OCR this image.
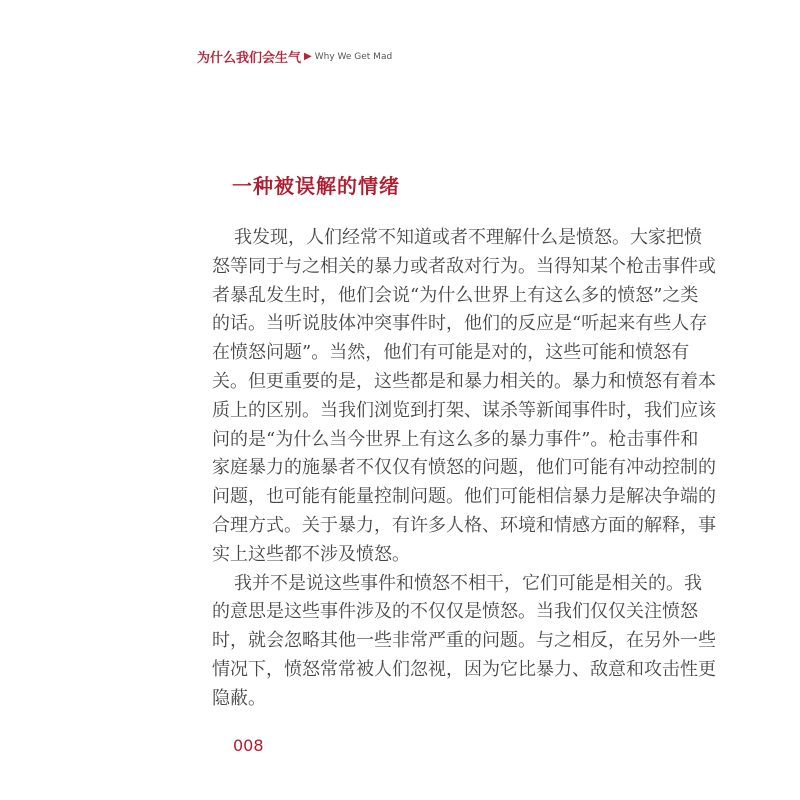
为什么我们会生气 ▶ Why We Get Mad
一种被误解的情绪
我发现，人们经常不知道或者不理解什么是愤怒。大家把愤
怒等同于与之相关的暴力或者敌对行为。当得知某个枪击事件或
者暴乱发生时，他们会说“为什么世界上有这么多的愤怒”之类
的话。当听说肢体冲突事件时，他们的反应是“听起来有些人存
在愤怒问题”。当然，他们有可能是对的，这些可能和愤怒有
关。但更重要的是，这些都是和暴力相关的。暴力和愤怒有着本
质上的区别。当我们浏览到打架、谋杀等新闻事件时，我们应该
问的是“为什么当今世界上有这么多的暴力事件”。枪击事件和
家庭暴力的施暴者不仅仅有愤怒的问题，他们可能有冲动控制的
问题，也可能有能量控制问题。他们可能相信暴力是解决争端的
合理方式。关于暴力，有许多人格、环境和情感方面的解释，事
实上这些都不涉及愤怒。
我并不是说这些事件和愤怒不相干，它们可能是相关的。我
的意思是这些事件涉及的不仅仅是愤怒。当我们仅仅关注愤怒
时，就会忽略其他一些非常严重的问题。与之相反，在另外一些
情况下，愤怒常常被人们忽视，因为它比暴力、敌意和攻击性更
隐蔽。
008
